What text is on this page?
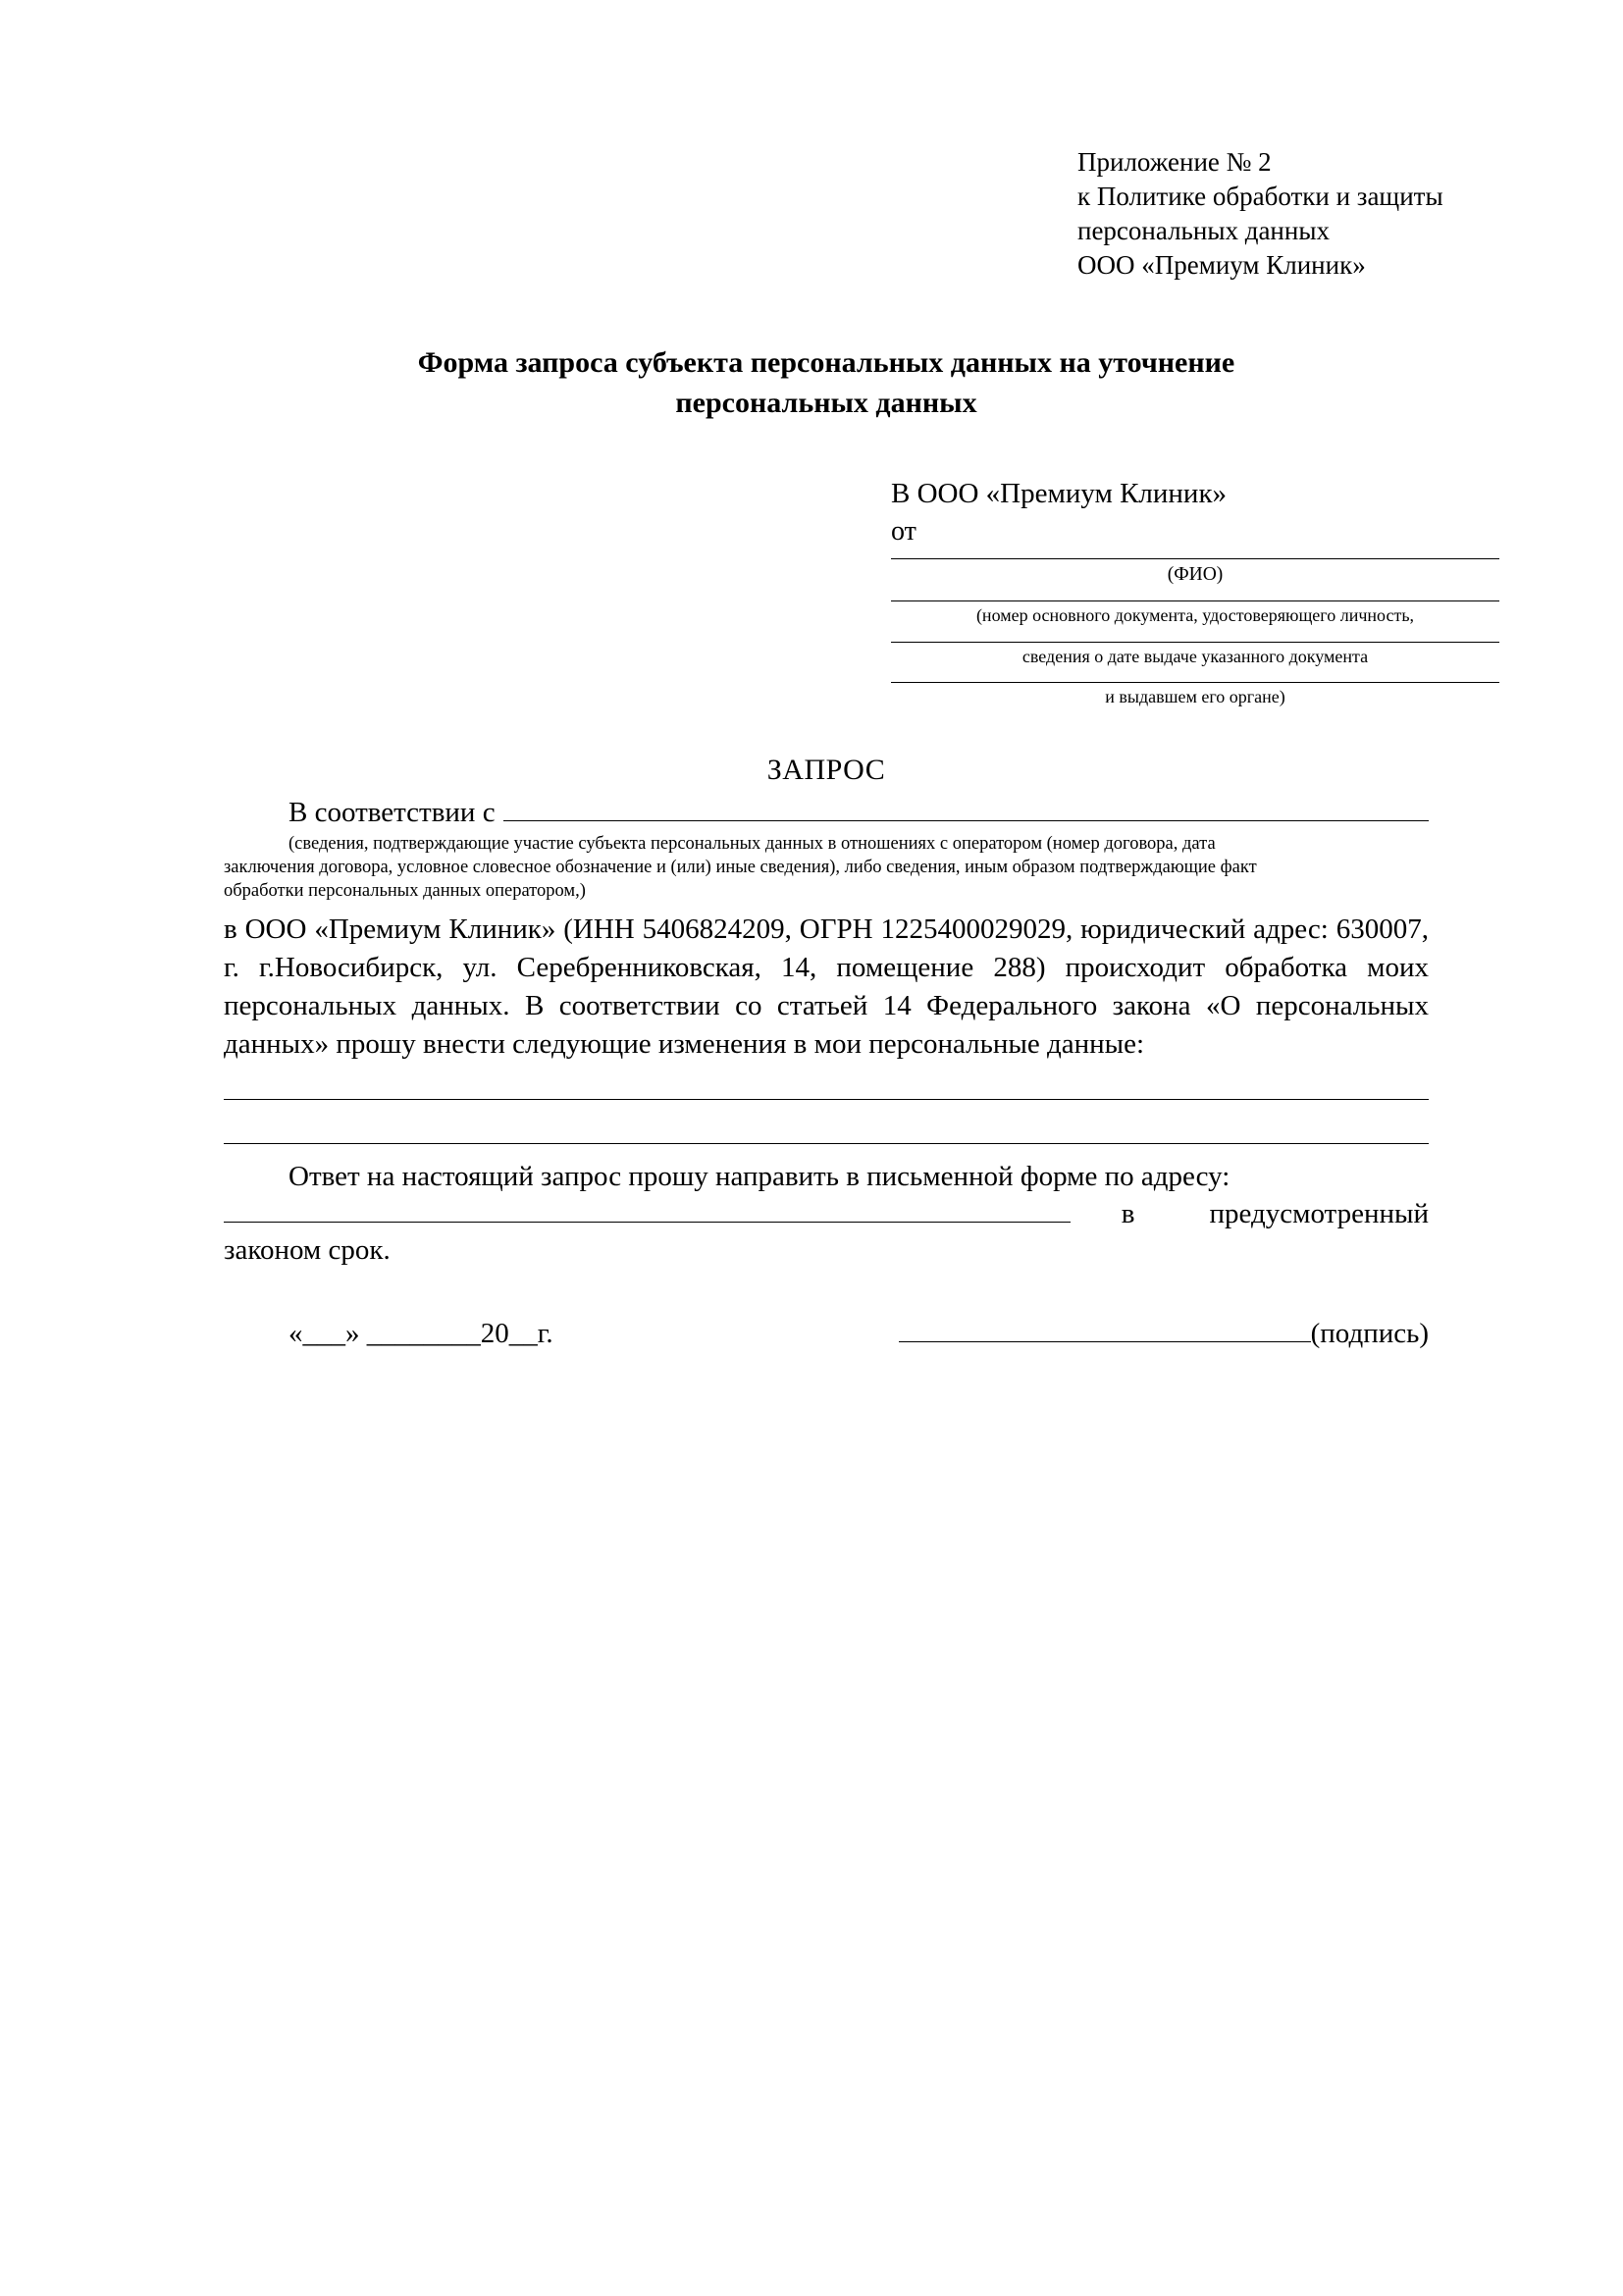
Приложение № 2
к Политике обработки и защиты
персональных данных
ООО «Премиум Клиник»
Форма запроса субъекта персональных данных на уточнение
персональных данных
В ООО «Премиум Клиник»
от
(ФИО)
(номер основного документа, удостоверяющего личность,
сведения о дате выдаче указанного документа
и выдавшем его органе)
ЗАПРОС
В соответствии с

(сведения, подтверждающие участие субъекта персональных данных в отношениях с оператором (номер договора, дата

заключения договора, условное словесное обозначение и (или) иные сведения), либо сведения, иным образом подтверждающие факт

обработки персональных данных оператором,)

в ООО «Премиум Клиник» (ИНН 5406824209, ОГРН 1225400029029, юридический адрес: 630007, г. г.Новосибирск, ул. Серебренниковская, 14, помещение 288) происходит обработка моих персональных данных. В соответствии со статьей 14 Федерального закона «О персональных данных» прошу внести следующие изменения в мои персональные данные:
Ответ на настоящий запрос прошу направить в письменной форме по адресу:
в	предусмотренный
законом срок.
«___» ________20__г.	(подпись)
